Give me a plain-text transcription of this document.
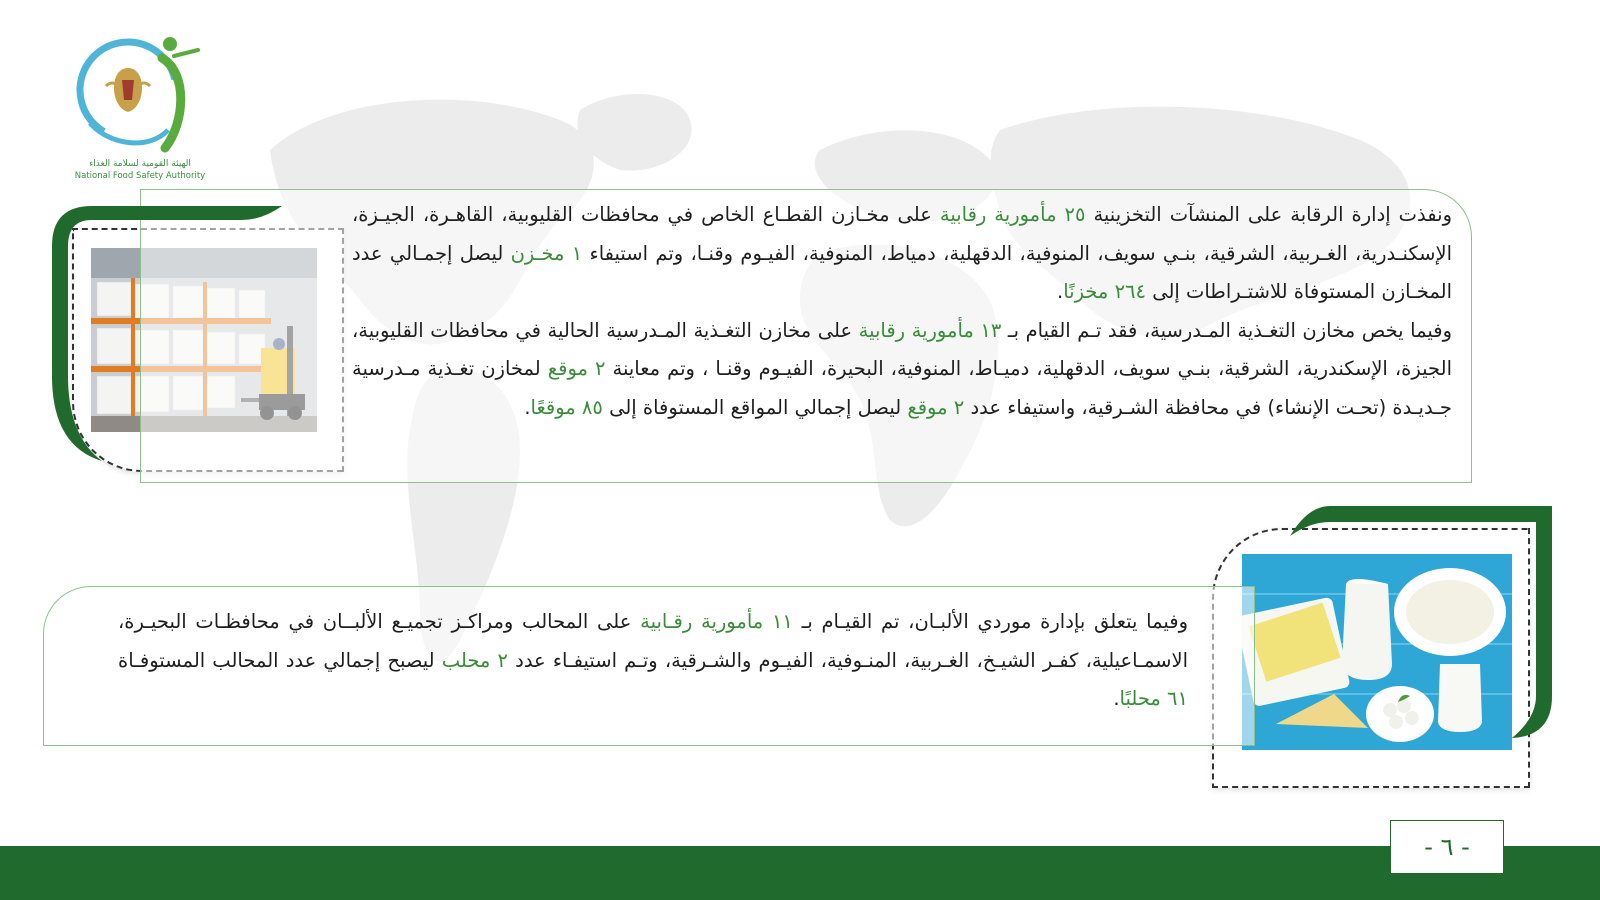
الهيئة القومية لسلامة الغذاء
National Food Safety Authority

ونفذت إدارة الرقابة على المنشآت التخزينية ٢٥ مأمورية رقابية على مخـازن القطـاع الخاص في محافظات القليوبية، القاهـرة، الجيـزة، الإسكنـدرية، الغـربية، الشرقية، بنـي سويف، المنوفية، الدقهلية، دمياط، المنوفية، الفيـوم وقنـا، وتم استيفاء ١ مخـزن ليصل إجمـالي عدد المخـازن المستوفاة للاشتـراطات إلى ٢٦٤ مخزنًا.

وفيما يخص مخازن التغـذية المـدرسية، فقد تـم القيام بـ ١٣ مأمورية رقابية على مخازن التغـذية المـدرسية الحالية في محافظات القليوبية، الجيزة، الإسكندرية، الشرقية، بنـي سويف، الدقهلية، دميـاط، المنوفية، البحيرة، الفيـوم وقنـا ، وتم معاينة ٢ موقع لمخازن تغـذية مـدرسية جـديـدة (تحـت الإنشاء) في محافظة الشـرقية، واستيفاء عدد ٢ موقع ليصل إجمالي المواقع المستوفاة إلى ٨٥ موقعًا.

وفيما يتعلق بإدارة موردي الألبـان، تم القيـام بـ ١١ مأمورية رقـابية على المحالب ومراكـز تجميـع الألبــان في محافظـات البحيـرة، الاسمـاعيلية، كفـر الشيـخ، الغـربية، المنـوفية، الفيـوم والشـرقية، وتـم استيفـاء عدد ٢ محلب ليصبح إجمالي عدد المحالب المستوفـاة ٦١ محلبًا.

- ٦ -
